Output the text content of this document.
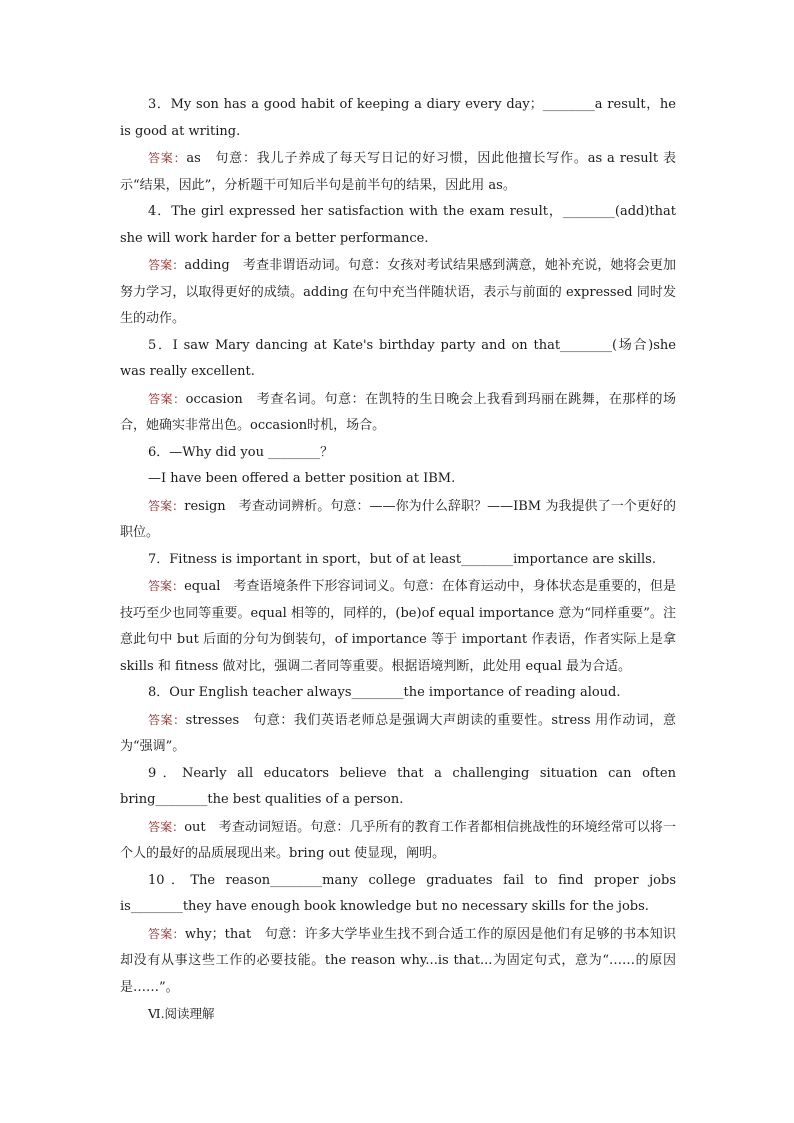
3．My son has a good habit of keeping a diary every day；________a result，he is good at writing.

答案：as　句意：我儿子养成了每天写日记的好习惯，因此他擅长写作。as a result 表示“结果，因此”，分析题干可知后半句是前半句的结果，因此用 as。

4．The girl expressed her satisfaction with the exam result，________(add)that she will work harder for a better performance.

答案：adding　考查非谓语动词。句意：女孩对考试结果感到满意，她补充说，她将会更加努力学习，以取得更好的成绩。adding 在句中充当伴随状语，表示与前面的 expressed 同时发生的动作。

5．I saw Mary dancing at Kate's birthday party and on that________(场合)she was really excellent.

答案：occasion　考查名词。句意：在凯特的生日晚会上我看到玛丽在跳舞，在那样的场合，她确实非常出色。occasion时机，场合。

6．—Why did you ________？

—I have been offered a better position at IBM.

答案：resign　考查动词辨析。句意：——你为什么辞职？——IBM 为我提供了一个更好的职位。

7．Fitness is important in sport，but of at least________importance are skills.

答案：equal　考查语境条件下形容词词义。句意：在体育运动中，身体状态是重要的，但是技巧至少也同等重要。equal 相等的，同样的，(be)of equal importance 意为“同样重要”。注意此句中 but 后面的分句为倒装句，of importance 等于 important 作表语，作者实际上是拿 skills 和 fitness 做对比，强调二者同等重要。根据语境判断，此处用 equal 最为合适。

8．Our English teacher always________the importance of reading aloud.

答案：stresses　句意：我们英语老师总是强调大声朗读的重要性。stress 用作动词，意为“强调”。

9．Nearly all educators believe that a challenging situation can often bring________the best qualities of a person.

答案：out　考查动词短语。句意：几乎所有的教育工作者都相信挑战性的环境经常可以将一个人的最好的品质展现出来。bring out 使显现，阐明。

10．The reason________many college graduates fail to find proper jobs is________they have enough book knowledge but no necessary skills for the jobs.

答案：why；that　句意：许多大学毕业生找不到合适工作的原因是他们有足够的书本知识却没有从事这些工作的必要技能。the reason why...is that...为固定句式，意为“……的原因是……”。

Ⅵ.阅读理解
